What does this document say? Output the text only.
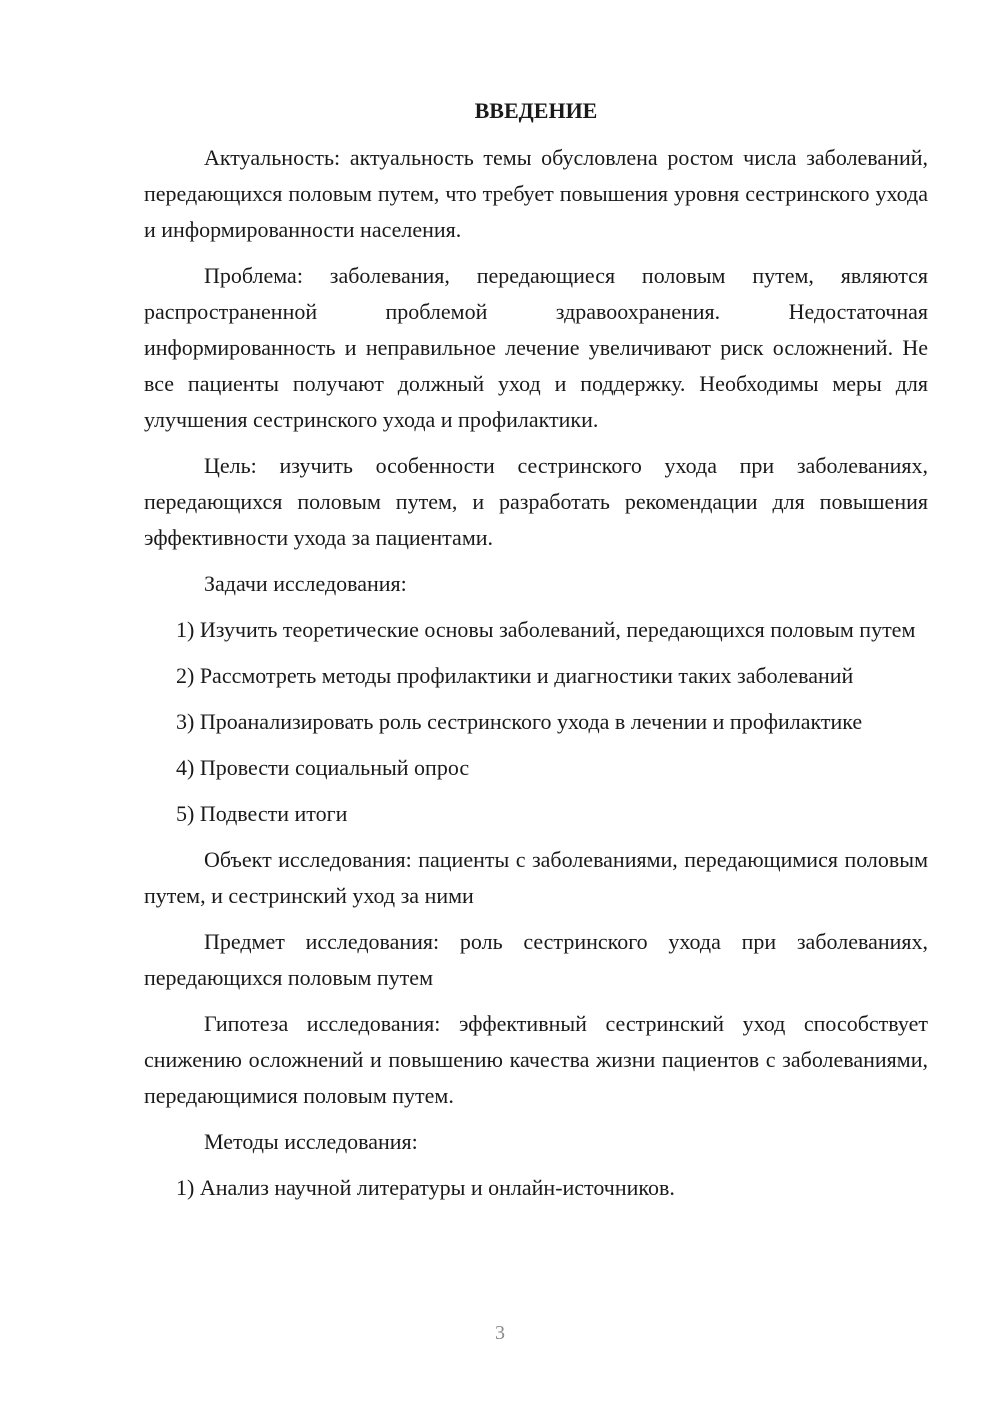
ВВЕДЕНИЕ

Актуальность: актуальность темы обусловлена ростом числа заболеваний, передающихся половым путем, что требует повышения уровня сестринского ухода и информированности населения.

Проблема: заболевания, передающиеся половым путем, являются распространенной проблемой здравоохранения. Недостаточная информированность и неправильное лечение увеличивают риск осложнений. Не все пациенты получают должный уход и поддержку. Необходимы меры для улучшения сестринского ухода и профилактики.

Цель: изучить особенности сестринского ухода при заболеваниях, передающихся половым путем, и разработать рекомендации для повышения эффективности ухода за пациентами.

Задачи исследования:

1) Изучить теоретические основы заболеваний, передающихся половым путем
2) Рассмотреть методы профилактики и диагностики таких заболеваний
3) Проанализировать роль сестринского ухода в лечении и профилактике
4) Провести социальный опрос
5) Подвести итоги

Объект исследования: пациенты с заболеваниями, передающимися половым путем, и сестринский уход за ними

Предмет исследования: роль сестринского ухода при заболеваниях, передающихся половым путем

Гипотеза исследования: эффективный сестринский уход способствует снижению осложнений и повышению качества жизни пациентов с заболеваниями, передающимися половым путем.

Методы исследования:

1) Анализ научной литературы и онлайн-источников.
3
